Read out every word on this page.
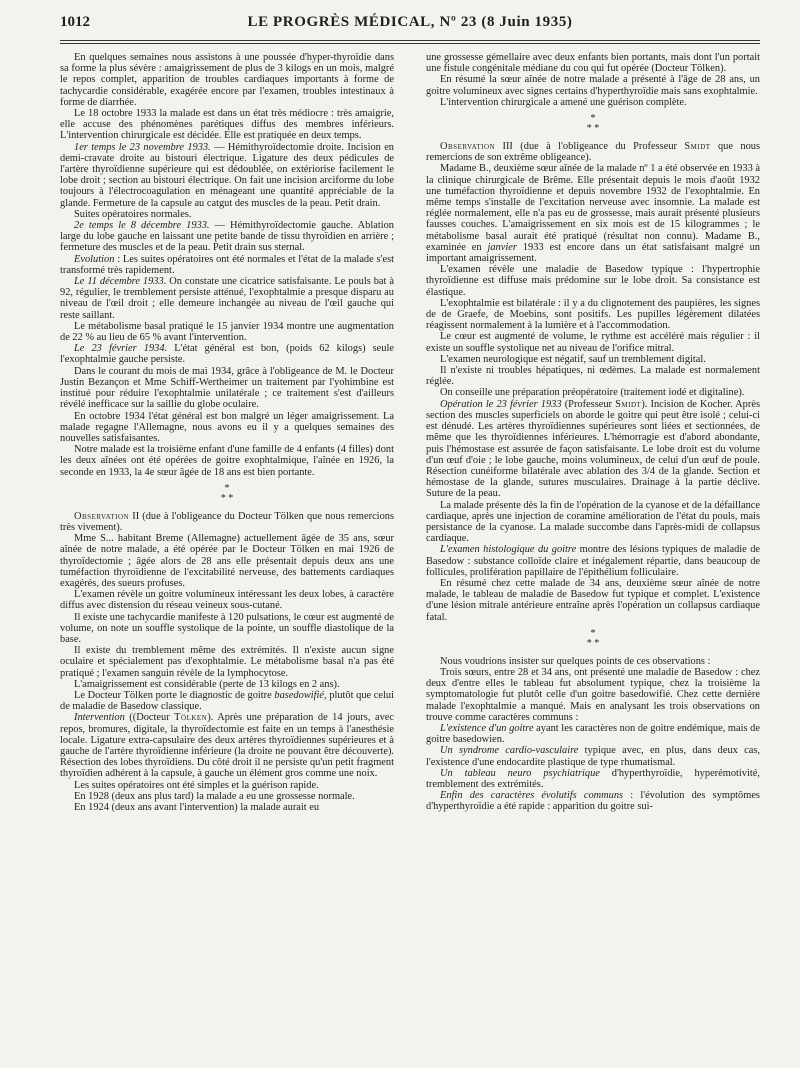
1012	LE PROGRÈS MÉDICAL, Nº 23 (8 Juin 1935)

En quelques semaines nous assistons à une poussée d'hyper-thyroïdie dans sa forme la plus sévère : amaigrissement de plus de 3 kilogs en un mois, malgré le repos complet, apparition de troubles cardiaques importants à forme de tachycardie considérable, exagérée encore par l'examen, troubles intestinaux à forme de diarrhée.

Le 18 octobre 1933 la malade est dans un état très médiocre : très amaigrie, elle accuse des phénomènes parétiques diffus des membres inférieurs. L'intervention chirurgicale est décidée. Elle est pratiquée en deux temps.

1er temps le 23 novembre 1933. — Hémithyroïdectomie droite. Incision en demi-cravate droite au bistouri électrique. Ligature des deux pédicules de l'artère thyroïdienne supérieure qui est dédoublée, on extériorise facilement le lobe droit ; section au bistouri électrique. On fait une incision arciforme du lobe toujours à l'électrocoagulation en ménageant une quantité appréciable de la glande. Fermeture de la capsule au catgut des muscles de la peau. Petit drain.

Suites opératoires normales.

2e temps le 8 décembre 1933. — Hémithyroïdectomie gauche. Ablation large du lobe gauche en laissant une petite bande de tissu thyroïdien en arrière ; fermeture des muscles et de la peau. Petit drain sus sternal.

Evolution : Les suites opératoires ont été normales et l'état de la malade s'est transformé très rapidement.

Le 11 décembre 1933. On constate une cicatrice satisfaisante. Le pouls bat à 92, régulier, le tremblement persiste atténué, l'exophtalmie a presque disparu au niveau de l'œil droit ; elle demeure inchangée au niveau de l'œil gauche qui reste saillant.

Le métabolisme basal pratiqué le 15 janvier 1934 montre une augmentation de 22 % au lieu de 65 % avant l'intervention.

Le 23 février 1934. L'état général est bon, (poids 62 kilogs) seule l'exophtalmie gauche persiste.

Dans le courant du mois de mai 1934, grâce à l'obligeance de M. le Docteur Justin Bezançon et Mme Schiff-Wertheimer un traitement par l'yohimbine est institué pour réduire l'exophtalmie unilatérale ; ce traitement s'est d'ailleurs révélé inefficace sur la saillie du globe oculaire.

En octobre 1934 l'état général est bon malgré un léger amaigrissement. La malade regagne l'Allemagne, nous avons eu il y a quelques semaines des nouvelles satisfaisantes.

Notre malade est la troisième enfant d'une famille de 4 enfants (4 filles) dont les deux aînées ont été opérées de goitre exophtalmique, l'aînée en 1926, la seconde en 1933, la 4e sœur âgée de 18 ans est bien portante.

*
* *

Observation II (due à l'obligeance du Docteur Tölken que nous remercions très vivement).

Mme S... habitant Breme (Allemagne) actuellement âgée de 35 ans, sœur aînée de notre malade, a été opérée par le Docteur Tölken en mai 1926 de thyroïdectomie ; âgée alors de 28 ans elle présentait depuis deux ans une tuméfaction thyroïdienne de l'excitabilité nerveuse, des battements cardiaques exagérés, des sueurs profuses.

L'examen révèle un goitre volumineux intéressant les deux lobes, à caractère diffus avec distension du réseau veineux sous-cutané.

Il existe une tachycardie manifeste à 120 pulsations, le cœur est augmenté de volume, on note un souffle systolique de la pointe, un souffle diastolique de la base.

Il existe du tremblement même des extrémités. Il n'existe aucun signe oculaire et spécialement pas d'exophtalmie. Le métabolisme basal n'a pas été pratiqué ; l'examen sanguin révèle de la lymphocytose.

L'amaigrissement est considérable (perte de 13 kilogs en 2 ans).

Le Docteur Tölken porte le diagnostic de goitre basedowifié, plutôt que celui de maladie de Basedow classique.

Intervention ((Docteur Tölken). Après une préparation de 14 jours, avec repos, bromures, digitale, la thyroïdectomie est faite en un temps à l'anesthésie locale. Ligature extra-capsulaire des deux artères thyroïdiennes supérieures et à gauche de l'artère thyroïdienne inférieure (la droite ne pouvant être découverte). Résection des lobes thyroïdiens. Du côté droit il ne persiste qu'un petit fragment thyroïdien adhérent à la capsule, à gauche un élément gros comme une noix.

Les suites opératoires ont été simples et la guérison rapide.

En 1928 (deux ans plus tard) la malade a eu une grossesse normale.

En 1924 (deux ans avant l'intervention) la malade aurait eu

une grossesse gémellaire avec deux enfants bien portants, mais dont l'un portait une fistule congénitale médiane du cou qui fut opérée (Docteur Tölken).

En résumé la sœur aînée de notre malade a présenté à l'âge de 28 ans, un goitre volumineux avec signes certains d'hyperthyroïdie mais sans exophtalmie.

L'intervention chirurgicale a amené une guérison complète.

*
* *

Observation III (due à l'obligeance du Professeur Smidt que nous remercions de son extrême obligeance).

Madame B., deuxième sœur aînée de la malade nº 1 a été observée en 1933 à la clinique chirurgicale de Brême. Elle présentait depuis le mois d'août 1932 une tuméfaction thyroïdienne et depuis novembre 1932 de l'exophtalmie. En même temps s'installe de l'excitation nerveuse avec insomnie. La malade est réglée normalement, elle n'a pas eu de grossesse, mais aurait présenté plusieurs fausses couches. L'amaigrissement en six mois est de 15 kilogrammes ; le métabolisme basal aurait été pratiqué (résultat non connu). Madame B., examinée en janvier 1933 est encore dans un état satisfaisant malgré un important amaigrissement.

L'examen révèle une maladie de Basedow typique : l'hypertrophie thyroïdienne est diffuse mais prédomine sur le lobe droit. Sa consistance est élastique.

L'exophtalmie est bilatérale : il y a du clignotement des paupières, les signes de de Graefe, de Moebins, sont positifs. Les pupilles légèrement dilatées réagissent normalement à la lumière et à l'accommodation.

Le cœur est augmenté de volume, le rythme est accéléré mais régulier : il existe un souffle systolique net au niveau de l'orifice mitral.

L'examen neurologique est négatif, sauf un tremblement digital.

Il n'existe ni troubles hépatiques, ni œdèmes. La malade est normalement réglée.

On conseille une préparation préopératoire (traitement iodé et digitaline).

Opération le 23 février 1933 (Professeur Smidt). Incision de Kocher. Après section des muscles superficiels on aborde le goitre qui peut être isolé ; celui-ci est dénudé. Les artères thyroïdiennes supérieures sont liées et sectionnées, de même que les thyroïdiennes inférieures. L'hémorragie est d'abord abondante, puis l'hémostase est assurée de façon satisfaisante. Le lobe droit est du volume d'un œuf d'oie ; le lobe gauche, moins volumineux, de celui d'un œuf de poule. Résection cunéiforme bilatérale avec ablation des 3/4 de la glande. Section et hémostase de la glande, sutures musculaires. Drainage à la partie déclive. Suture de la peau.

La malade présente dès la fin de l'opération de la cyanose et de la défaillance cardiaque, après une injection de coramine amélioration de l'état du pouls, mais persistance de la cyanose. La malade succombe dans l'après-midi de collapsus cardiaque.

L'examen histologique du goitre montre des lésions typiques de maladie de Basedow : substance colloïde claire et inégalement répartie, dans beaucoup de follicules, prolifération papillaire de l'épithélium folliculaire.

En résumé chez cette malade de 34 ans, deuxième sœur aînée de notre malade, le tableau de maladie de Basedow fut typique et complet. L'existence d'une lésion mitrale antérieure entraîne après l'opération un collapsus cardiaque fatal.

*
* *

Nous voudrions insister sur quelques points de ces observations :

Trois sœurs, entre 28 et 34 ans, ont présenté une maladie de Basedow : chez deux d'entre elles le tableau fut absolument typique, chez la troisième la symptomatologie fut plutôt celle d'un goitre basedowifié. Chez cette dernière malade l'exophtalmie a manqué. Mais en analysant les trois observations on trouve comme caractères communs :

L'existence d'un goitre ayant les caractères non de goitre endémique, mais de goitre basedowien.

Un syndrome cardio-vasculaire typique avec, en plus, dans deux cas, l'existence d'une endocardite plastique de type rhumatismal.

Un tableau neuro psychiatrique d'hyperthyroïdie, hyperémotivité, tremblement des extrémités.

Enfin des caractères évolutifs communs : l'évolution des symptômes d'hyperthyroïdie a été rapide : apparition du goitre sui-
